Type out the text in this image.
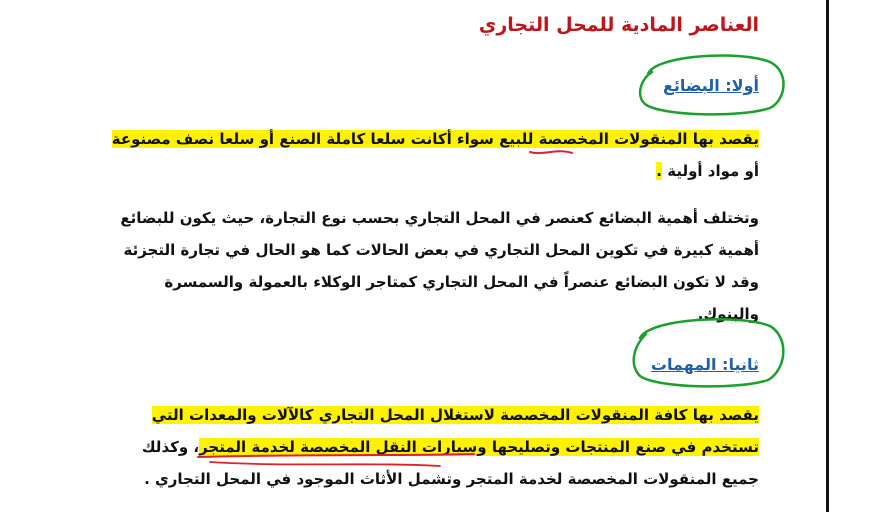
العناصر المادية للمحل التجاري
أولا: البضائع
يقصد بها المنقولات المخصصة للبيع سواء أكانت سلعا كاملة الصنع أو سلعا نصف مصنوعة
أو مواد أولية .
وتختلف أهمية البضائع كعنصر في المحل التجاري بحسب نوع التجارة، حيث يكون للبضائع
أهمية كبيرة في تكوين المحل التجاري في بعض الحالات كما هو الحال في تجارة التجزئة
وقد لا تكون البضائع عنصراً في المحل التجاري كمتاجر الوكلاء بالعمولة والسمسرة
والبنوك.
ثانيا: المهمات
يقصد بها كافة المنقولات المخصصة لاستغلال المحل التجاري كالآلات والمعدات التي
تستخدم في صنع المنتجات وتصليحها وسيارات النقل المخصصة لخدمة المتجر، وكذلك
جميع المنقولات المخصصة لخدمة المتجر وتشمل الأثاث الموجود في المحل التجاري .
